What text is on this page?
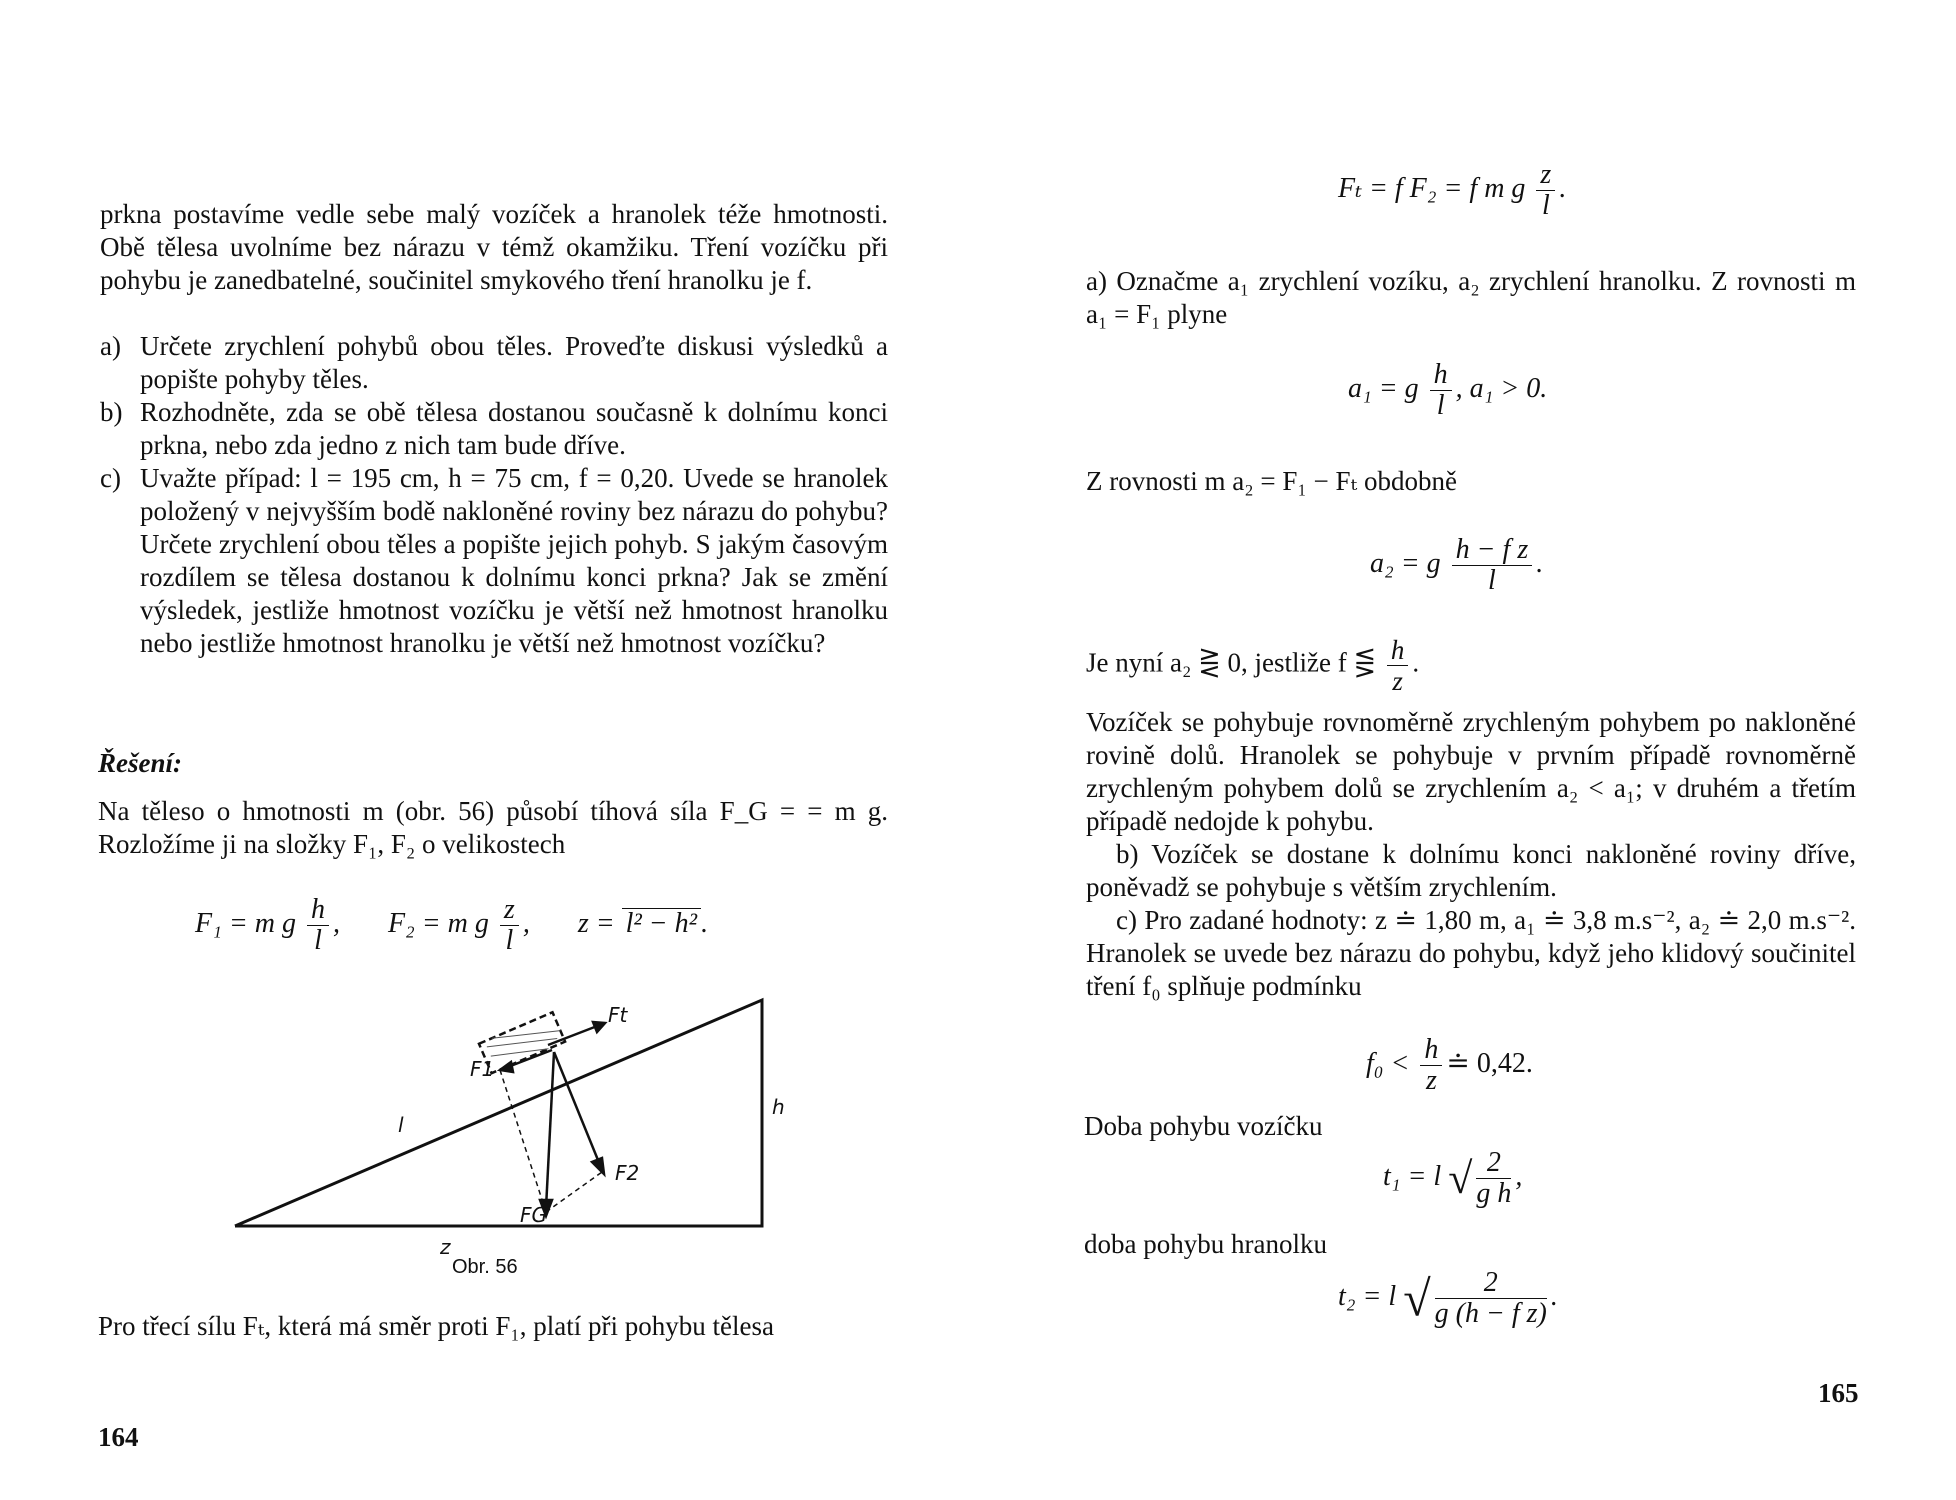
prkna postavíme vedle sebe malý vozíček a hranolek téže hmotnosti. Obě tělesa uvolníme bez nárazu v témž okamžiku. Tření vozíčku při pohybu je zanedbatelné, součinitel smykového tření hranolku je f.

a) Určete zrychlení pohybů obou těles. Proveďte diskusi výsledků a popište pohyby těles.
b) Rozhodněte, zda se obě tělesa dostanou současně k dolnímu konci prkna, nebo zda jedno z nich tam bude dříve.
c) Uvažte případ: l = 195 cm, h = 75 cm, f = 0,20. Uvede se hranolek položený v nejvyšším bodě nakloněné roviny bez nárazu do pohybu? Určete zrychlení obou těles a popište jejich pohyb. S jakým časovým rozdílem se tělesa dostanou k dolnímu konci prkna? Jak se změní výsledek, jestliže hmotnost vozíčku je větší než hmotnost hranolku nebo jestliže hmotnost hranolku je větší než hmotnost vozíčku?
Řešení:

Na těleso o hmotnosti m (obr. 56) působí tíhová síla F_G = = m g. Rozložíme ji na složky F₁, F₂ o velikostech

F₁ = m g $\frac{h}{l}$ ,  F₂ = m g $\frac{z}{l}$ ,  z = l² − h² .
Ft
F1
FG
F2
l
h
z
Obr. 56

Pro třecí sílu Fₜ, která má směr proti F₁, platí při pohybu tělesa

164
Fₜ = f F₂ = f m g $\frac{z}{l}$ .

a) Označme a₁ zrychlení vozíku, a₂ zrychlení hranolku. Z rovnosti m a₁ = F₁ plyne

a₁ = g $\frac{h}{l}$ , a₁ > 0.

Z rovnosti m a₂ = F₁ − Fₜ obdobně

a₂ = g $\frac{\text{h − f z}}{l}$ .
Je nyní a₂ ⋛ 0, jestliže f ⋚ $\frac{h}{z}$ .

Vozíček se pohybuje rovnoměrně zrychleným pohybem po nakloněné rovině dolů. Hranolek se pohybuje v prvním případě rovnoměrně zrychleným pohybem dolů se zrychlením a₂ < a₁; v druhém a třetím případě nedojde k pohybu.

b) Vozíček se dostane k dolnímu konci nakloněné roviny dříve, poněvadž se pohybuje s větším zrychlením.

c) Pro zadané hodnoty: z ≐ 1,80 m, a₁ ≐ 3,8 m.s⁻², a₂ ≐ 2,0 m.s⁻². Hranolek se uvede bez nárazu do pohybu, když jeho klidový součinitel tření f₀ splňuje podmínku

$f_0 < \frac{h}{z}$ ≐ 0,42.

Doba pohybu vozíčku

t₁ = l √ $\frac{2}{\text{g h}}$ ,

doba pohybu hranolku

t₂ = l √ $\frac{2}{\text{g (h − f z)}}$ .
165
